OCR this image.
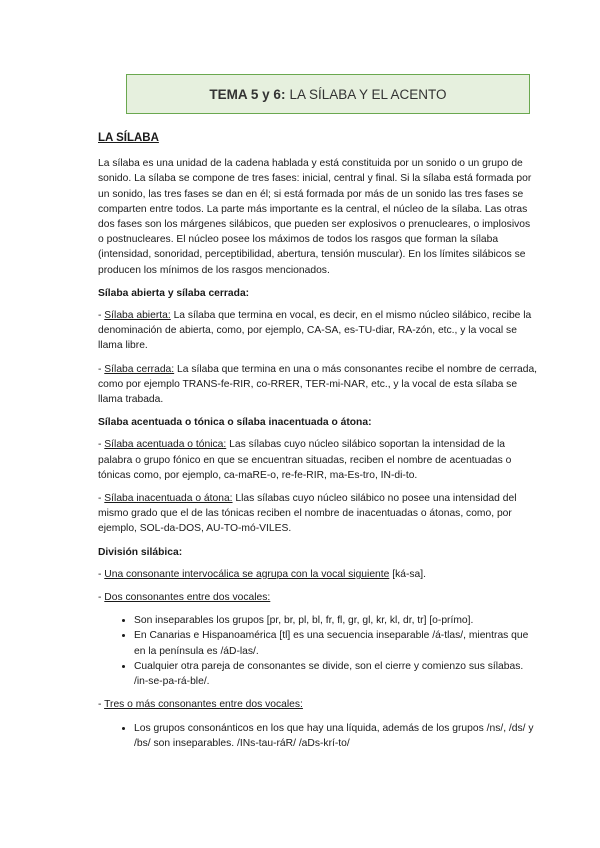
TEMA 5 y 6: LA SÍLABA Y EL ACENTO
LA SÍLABA

La sílaba es una unidad de la cadena hablada y está constituida por un sonido o un grupo de sonido. La sílaba se compone de tres fases: inicial, central y final. Si la sílaba está formada por un sonido, las tres fases se dan en él; si está formada por más de un sonido las tres fases se comparten entre todos. La parte más importante es la central, el núcleo de la sílaba. Las otras dos fases son los márgenes silábicos, que pueden ser explosivos o prenucleares, o implosivos o postnucleares. El núcleo posee los máximos de todos los rasgos que forman la sílaba (intensidad, sonoridad, perceptibilidad, abertura, tensión muscular). En los límites silábicos se producen los mínimos de los rasgos mencionados.

Sílaba abierta y sílaba cerrada:

- Sílaba abierta: La sílaba que termina en vocal, es decir, en el mismo núcleo silábico, recibe la denominación de abierta, como, por ejemplo, CA-SA, es-TU-diar, RA-zón, etc., y la vocal se llama libre.

- Sílaba cerrada: La sílaba que termina en una o más consonantes recibe el nombre de cerrada, como por ejemplo TRANS-fe-RIR, co-RRER, TER-mi-NAR, etc., y la vocal de esta sílaba se llama trabada.

Sílaba acentuada o tónica o sílaba inacentuada o átona:

- Sílaba acentuada o tónica: Las sílabas cuyo núcleo silábico soportan la intensidad de la palabra o grupo fónico en que se encuentran situadas, reciben el nombre de acentuadas o tónicas como, por ejemplo, ca-maRE-o, re-fe-RIR, ma-Es-tro, IN-di-to.

- Sílaba inacentuada o átona: Llas sílabas cuyo núcleo silábico no posee una intensidad del mismo grado que el de las tónicas reciben el nombre de inacentuadas o átonas, como, por ejemplo, SOL-da-DOS, AU-TO-mó-VILES.

División silábica:

- Una consonante intervocálica se agrupa con la vocal siguiente [ká-sa].

- Dos consonantes entre dos vocales:

• Son inseparables los grupos [pr, br, pl, bl, fr, fl, gr, gl, kr, kl, dr, tr] [o-prímo].
• En Canarias e Hispanoamérica [tl] es una secuencia inseparable /á-tlas/, mientras que en la península es /áD-las/.
• Cualquier otra pareja de consonantes se divide, son el cierre y comienzo sus sílabas. /in-se-pa-rá-ble/.

- Tres o más consonantes entre dos vocales:

• Los grupos consonánticos en los que hay una líquida, además de los grupos /ns/, /ds/ y /bs/ son inseparables. /INs-tau-ráR/ /aDs-krí-to/
